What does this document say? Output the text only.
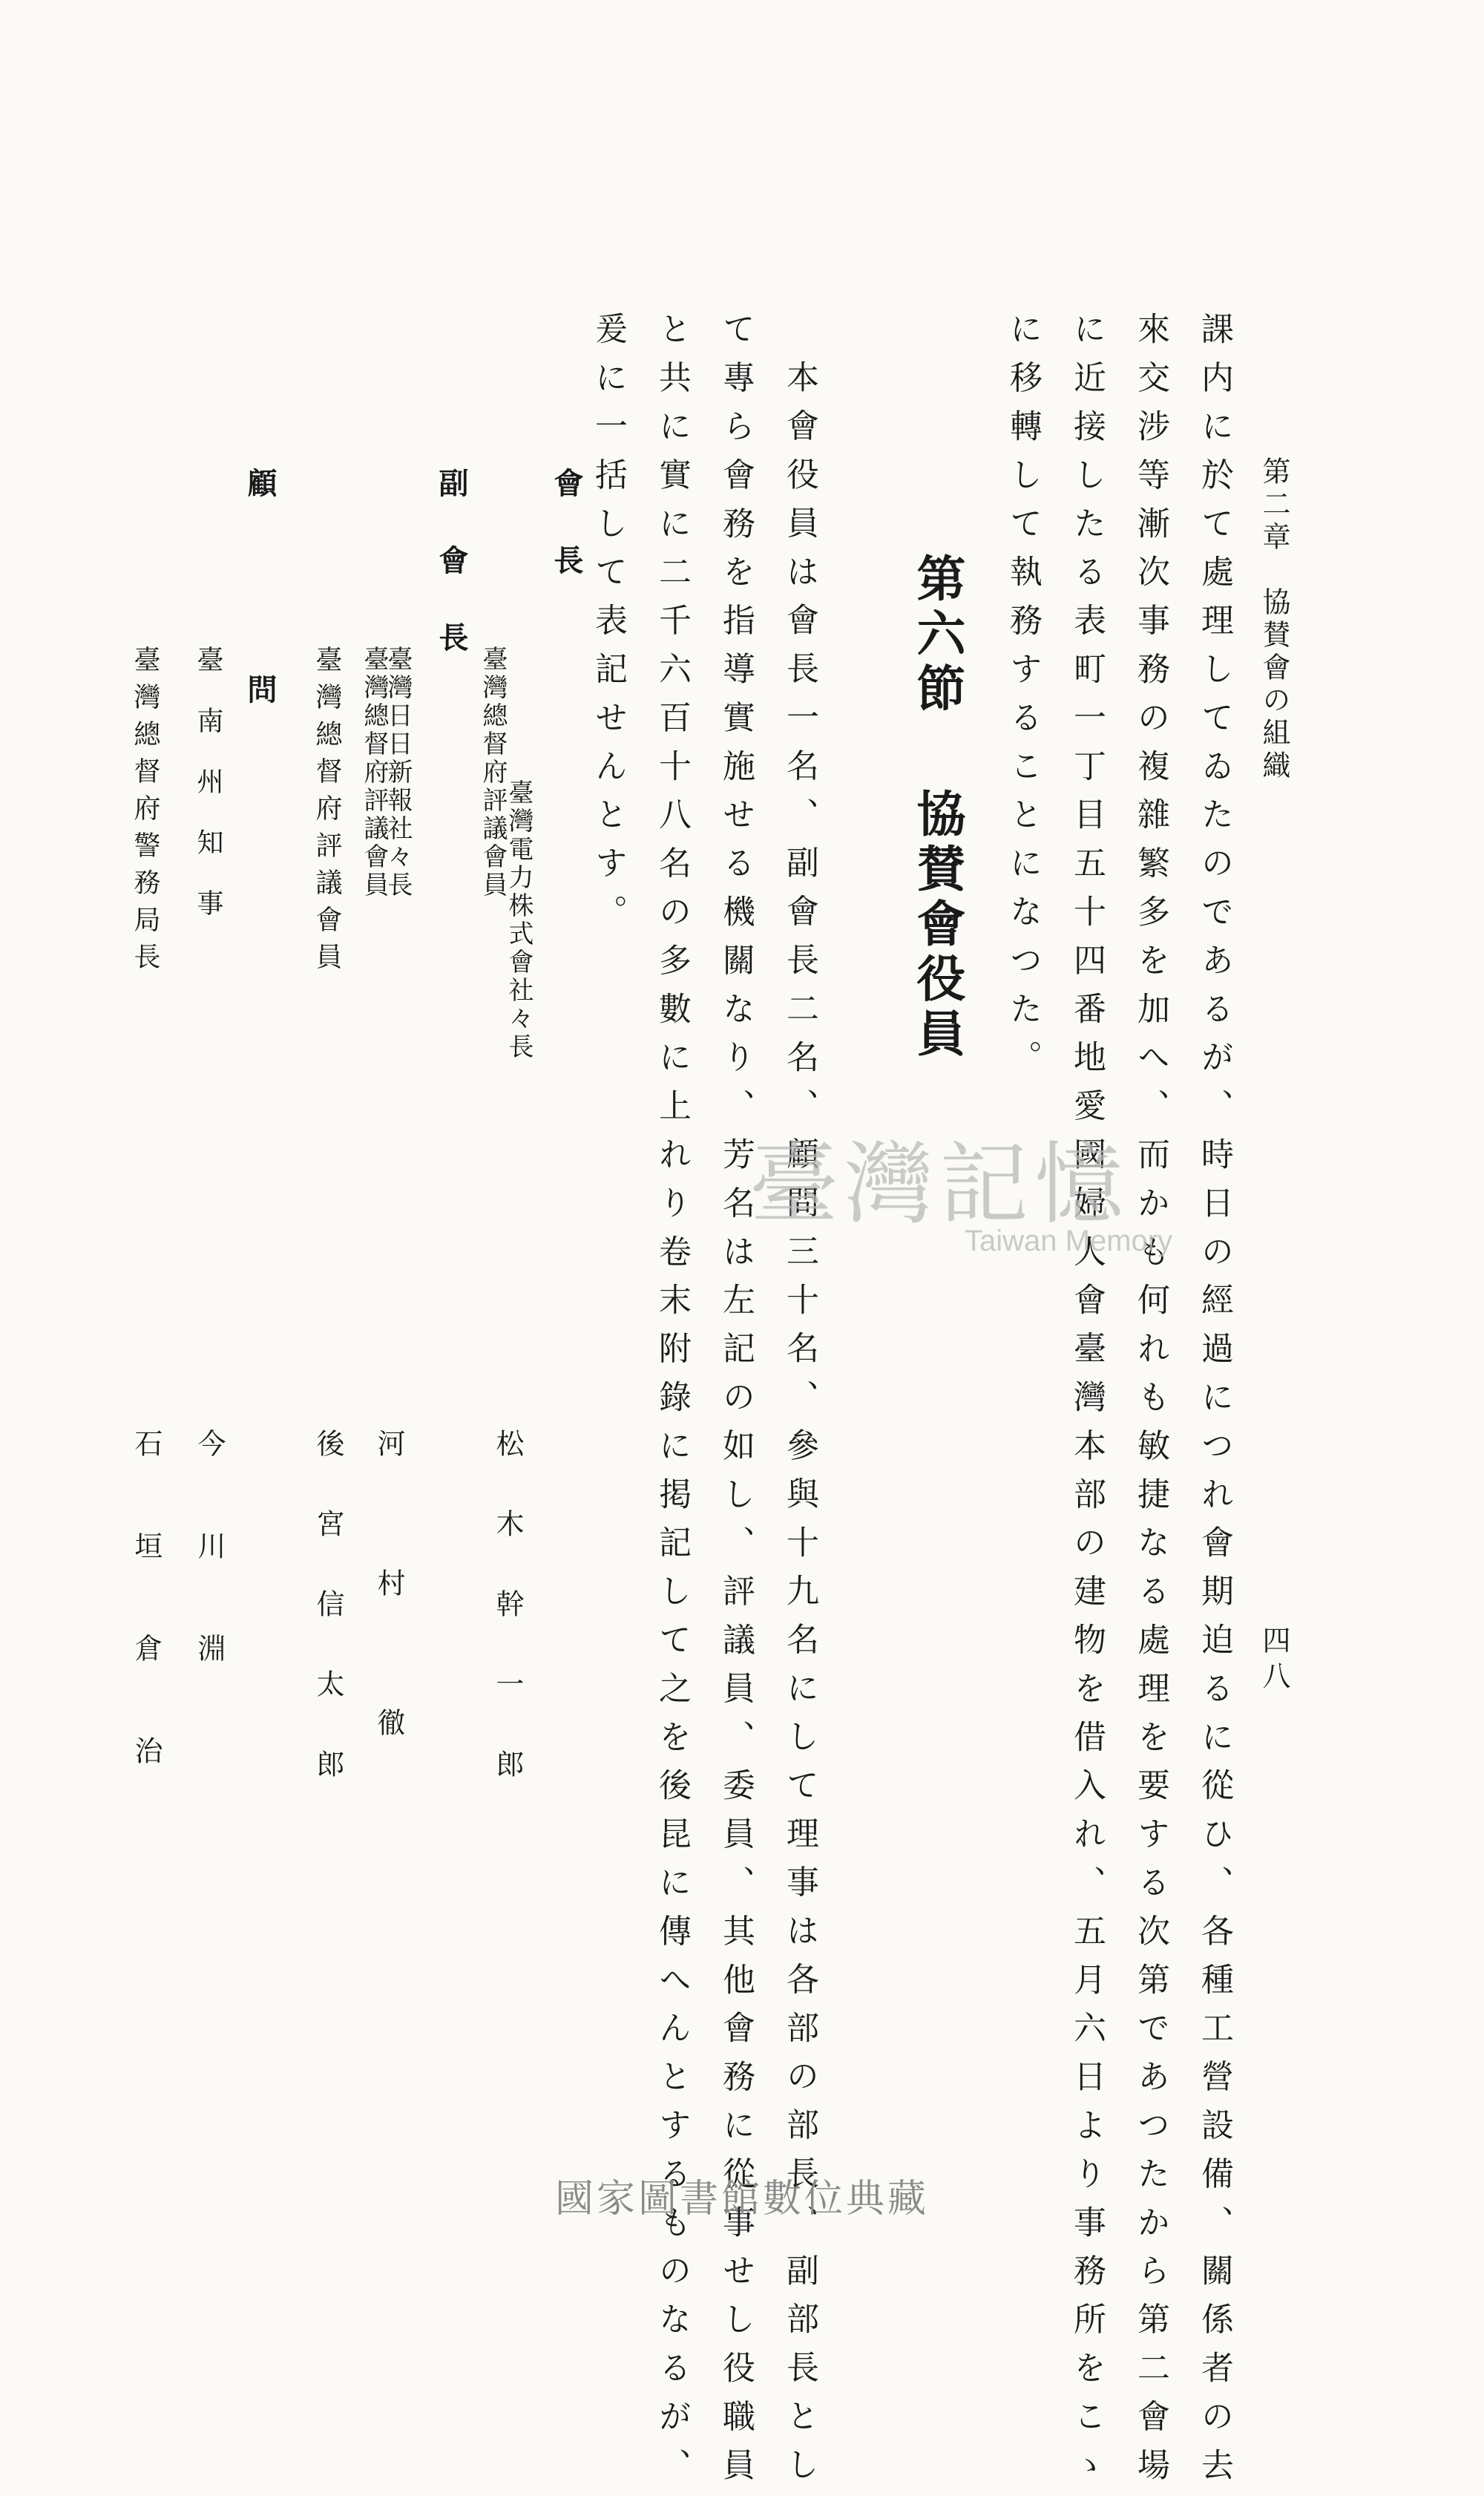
第二章　協賛會の組織
四八
課内に於て處理してゐたのであるが、時日の經過につれ會期迫るに從ひ、各種工營設備、關係者の去
來交涉等漸次事務の複雜繁多を加へ、而かも何れも敏捷なる處理を要する次第であつたから第二會場
に近接したる表町一丁目五十四番地愛國婦人會臺灣本部の建物を借入れ、五月六日より事務所をこゝ
に移轉して執務することになつた。
第六節協賛會役員
本會役員は會長一名、副會長二名、顧問三十名、參與十九名にして理事は各部の部長、副部長とし
て專ら會務を指導實施せる機關なり、芳名は左記の如し、評議員、委員、其他會務に從事せし役職員
と共に實に二千六百十八名の多數に上れり卷末附錄に掲記して之を後昆に傳へんとするものなるが、
爰に一括して表記せんとす。
會長
臺灣總督府評議會員
臺灣電力株式會社々長
松木幹一郎
副會長
臺灣日日新報社々長
臺灣總督府評議會員
河村徹
臺灣總督府評議會員
後宮信太郎
顧問
臺南州知事
今川淵
臺灣總督府警務局長
石垣倉治
臺灣記憶
Taiwan Memory
國家圖書館數位典藏
